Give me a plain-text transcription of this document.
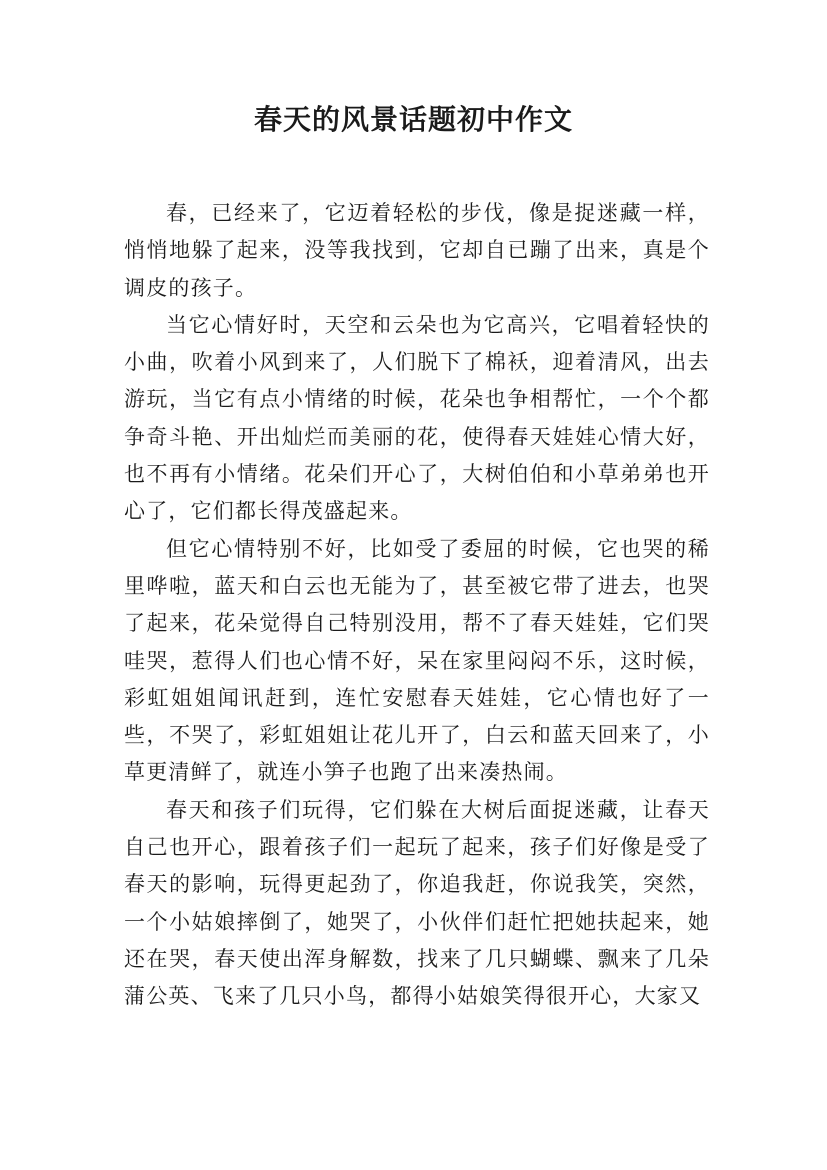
春天的风景话题初中作文

春，已经来了，它迈着轻松的步伐，像是捉迷藏一样，悄悄地躲了起来，没等我找到，它却自已蹦了出来，真是个调皮的孩子。

当它心情好时，天空和云朵也为它高兴，它唱着轻快的小曲，吹着小风到来了，人们脱下了棉袄，迎着清风，出去游玩，当它有点小情绪的时候，花朵也争相帮忙，一个个都争奇斗艳、开出灿烂而美丽的花，使得春天娃娃心情大好，也不再有小情绪。花朵们开心了，大树伯伯和小草弟弟也开心了，它们都长得茂盛起来。

但它心情特别不好，比如受了委屈的时候，它也哭的稀里哗啦，蓝天和白云也无能为了，甚至被它带了进去，也哭了起来，花朵觉得自己特别没用，帮不了春天娃娃，它们哭哇哭，惹得人们也心情不好，呆在家里闷闷不乐，这时候，彩虹姐姐闻讯赶到，连忙安慰春天娃娃，它心情也好了一些，不哭了，彩虹姐姐让花儿开了，白云和蓝天回来了，小草更清鲜了，就连小笋子也跑了出来凑热闹。

春天和孩子们玩得，它们躲在大树后面捉迷藏，让春天自己也开心，跟着孩子们一起玩了起来，孩子们好像是受了春天的影响，玩得更起劲了，你追我赶，你说我笑，突然，一个小姑娘摔倒了，她哭了，小伙伴们赶忙把她扶起来，她还在哭，春天使出浑身解数，找来了几只蝴蝶、飘来了几朵蒲公英、飞来了几只小鸟，都得小姑娘笑得很开心，大家又
